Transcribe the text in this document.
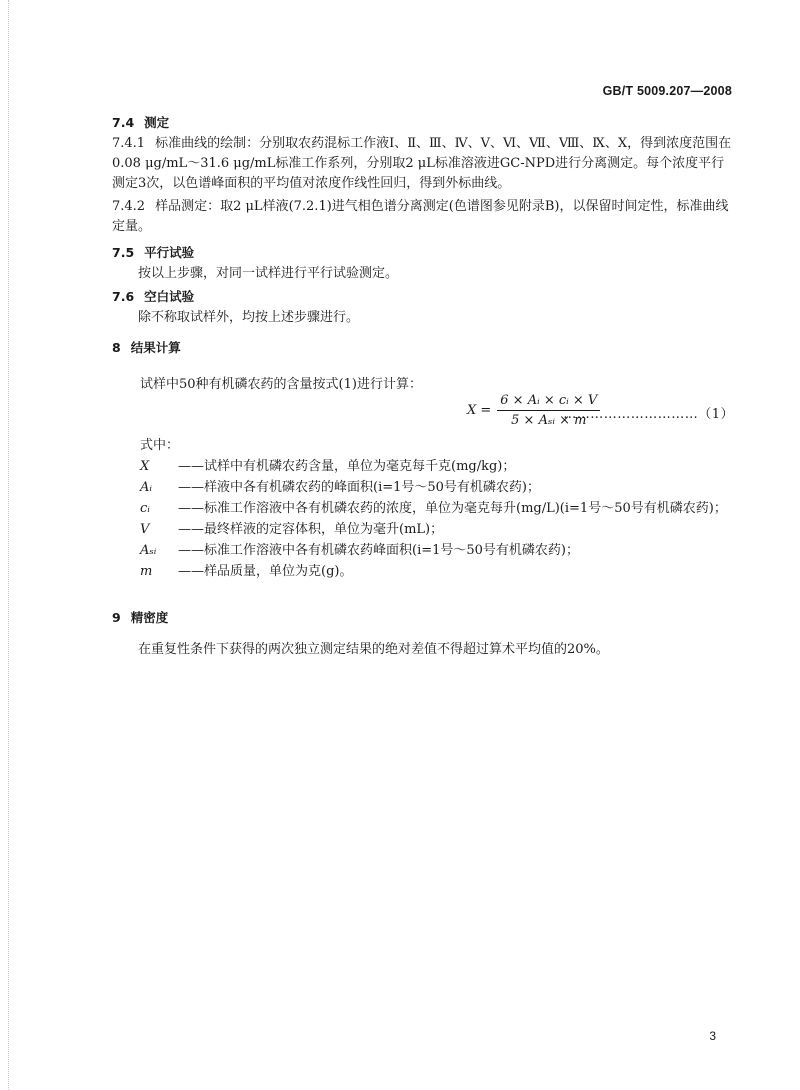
GB/T 5009.207—2008
7.4 测定
7.4.1 标准曲线的绘制：分别取农药混标工作液Ⅰ、Ⅱ、Ⅲ、Ⅳ、Ⅴ、Ⅵ、Ⅶ、Ⅷ、Ⅸ、Ⅹ，得到浓度范围在0.08 μg/mL～31.6 μg/mL标准工作系列，分别取2 μL标准溶液进GC-NPD进行分离测定。每个浓度平行测定3次，以色谱峰面积的平均值对浓度作线性回归，得到外标曲线。
7.4.2 样品测定：取2 μL样液(7.2.1)进气相色谱分离测定(色谱图参见附录B)，以保留时间定性，标准曲线定量。
7.5 平行试验
按以上步骤，对同一试样进行平行试验测定。
7.6 空白试验
除不称取试样外，均按上述步骤进行。
8 结果计算
试样中50种有机磷农药的含量按式(1)进行计算：
$X = \frac{\text{6 × Aᵢ × cᵢ × V}}{\text{5 × Aₛᵢ × m}}$
…………………………（1）
式中：
X	—— 试样中有机磷农药含量，单位为毫克每千克(mg/kg)；
Aᵢ	—— 样液中各有机磷农药的峰面积(i=1号～50号有机磷农药)；
cᵢ	—— 标准工作溶液中各有机磷农药的浓度，单位为毫克每升(mg/L)(i=1号～50号有机磷农药)；
V	—— 最终样液的定容体积，单位为毫升(mL)；
Aₛᵢ	—— 标准工作溶液中各有机磷农药峰面积(i=1号～50号有机磷农药)；
m	—— 样品质量，单位为克(g)。
9 精密度
在重复性条件下获得的两次独立测定结果的绝对差值不得超过算术平均值的20%。
3
